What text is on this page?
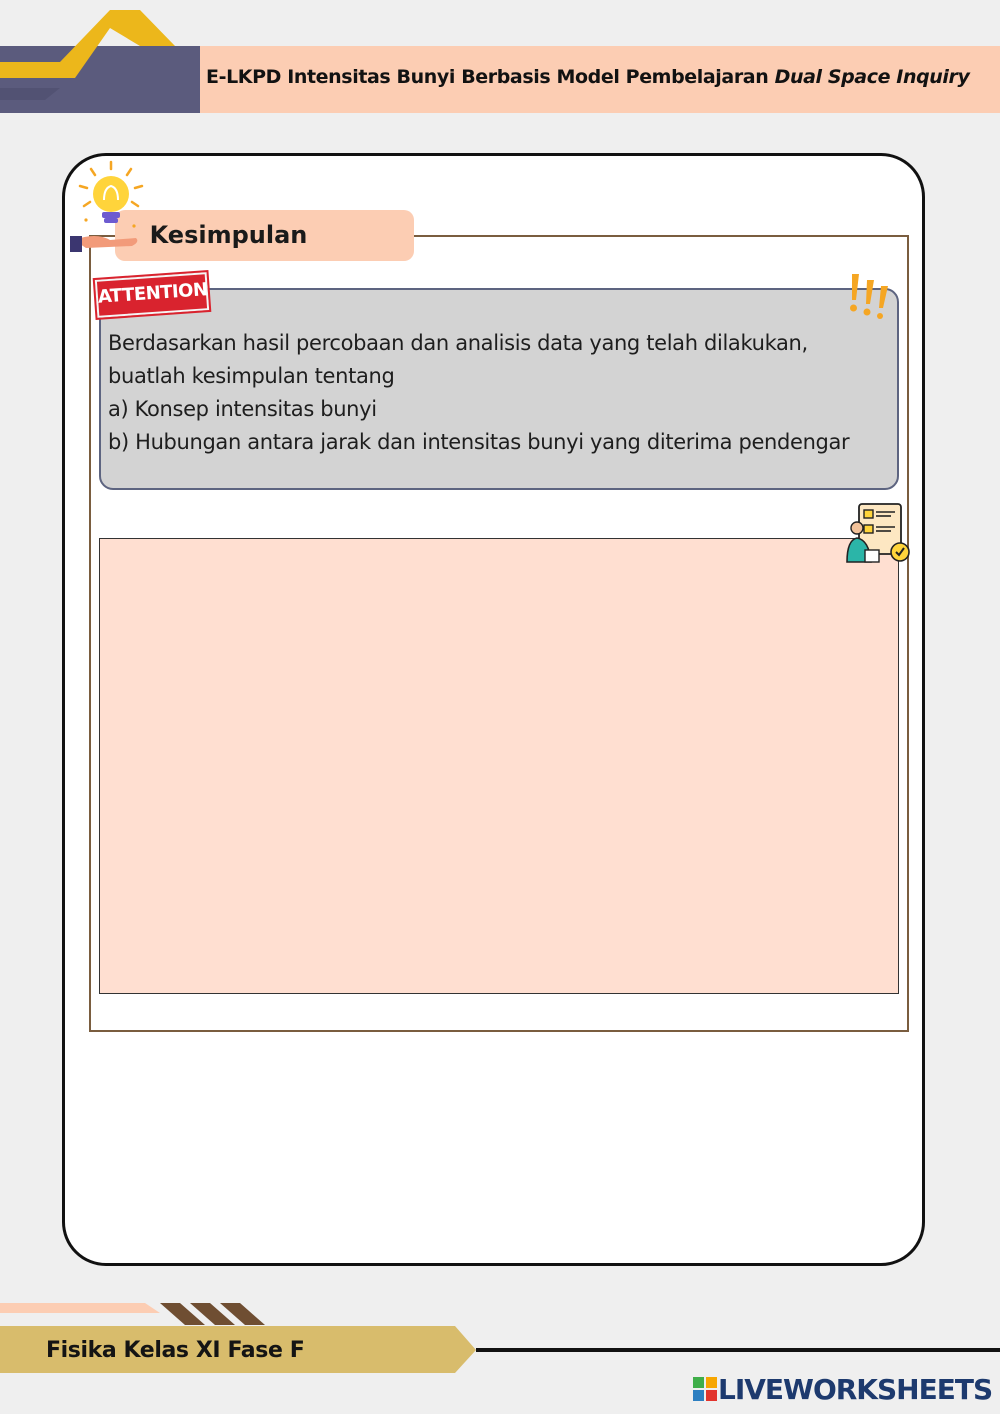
E-LKPD Intensitas Bunyi Berbasis Model Pembelajaran Dual Space Inquiry
Kesimpulan
ATTENTION
Berdasarkan hasil percobaan dan analisis data yang telah dilakukan,
buatlah kesimpulan tentang
a) Konsep intensitas bunyi
b) Hubungan antara jarak dan intensitas bunyi yang diterima pendengar
Fisika Kelas XI Fase F
LIVEWORKSHEETS
